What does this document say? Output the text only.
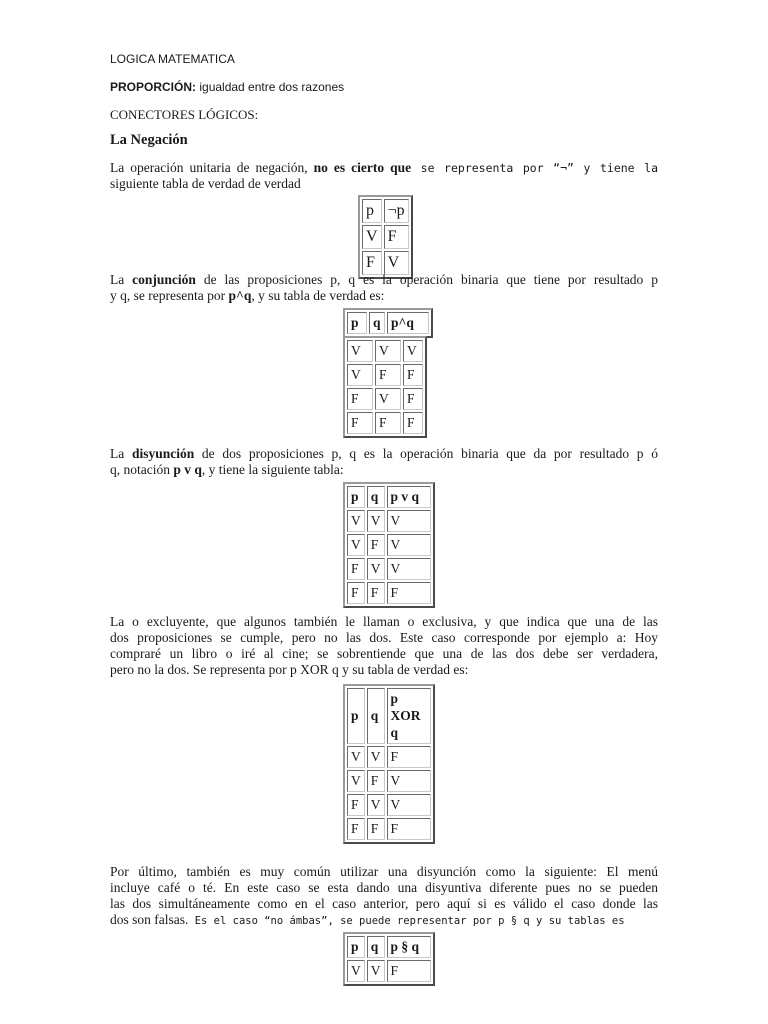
LOGICA MATEMATICA
PROPORCIÓN: igualdad entre dos razones
CONECTORES LÓGICOS:
La Negación
La operación unitaria de negación, no es cierto que se representa por “¬” y tiene la
siguiente tabla de verdad de verdad
p	¬p
V	F
F	V
La conjunción de las proposiciones p, q es la operación binaria que tiene por resultado p
y q, se representa por p^q, y su tabla de verdad es:
p	q	p^q
V	V	V
V	F	F
F	V	F
F	F	F
La disyunción de dos proposiciones p, q es la operación binaria que da por resultado p ó
q, notación p v q, y tiene la siguiente tabla:
p	q	p v q
V	V	V
V	F	V
F	V	V
F	F	F
La o excluyente, que algunos también le llaman o exclusiva, y que indica que una de las
dos proposiciones se cumple, pero no las dos. Este caso corresponde por ejemplo a: Hoy
compraré un libro o iré al cine; se sobrentiende que una de las dos debe ser verdadera,
pero no la dos. Se representa por p XOR q y su tabla de verdad es:
p	q	p XOR q
V	V	F
V	F	V
F	V	V
F	F	F
Por último, también es muy común utilizar una disyunción como la siguiente: El menú
incluye café o té. En este caso se esta dando una disyuntiva diferente pues no se pueden
las dos simultáneamente como en el caso anterior, pero aquí si es válido el caso donde las
dos son falsas. Es el caso “no ámbas”, se puede representar por p § q y su tablas es
p	q	p § q
V	V	F
